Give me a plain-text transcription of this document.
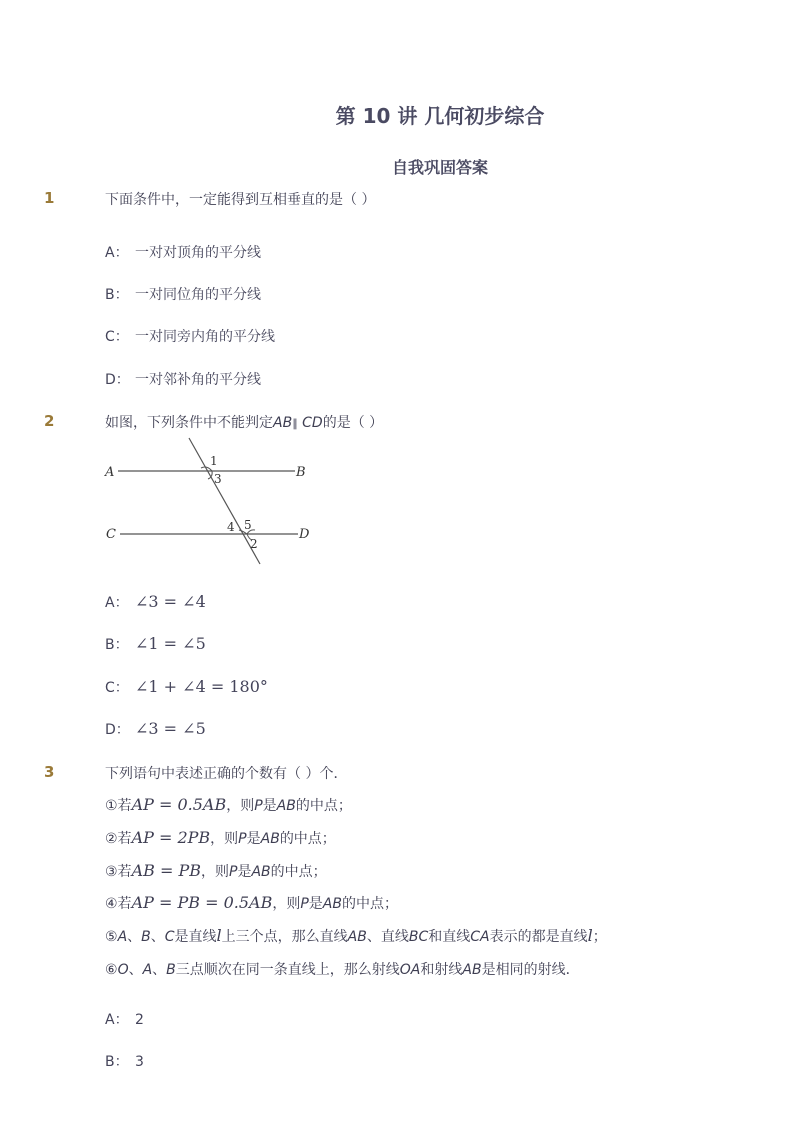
第 10 讲 几何初步综合
自我巩固答案
1	下面条件中，一定能得到互相垂直的是（ ）
A： 一对对顶角的平分线
B： 一对同位角的平分线
C： 一对同旁内角的平分线
D： 一对邻补角的平分线
2	如图，下列条件中不能判定AB∥ CD的是（ ）
A	B
C	D
1
3
4 5
2
A： ∠3 = ∠4
B： ∠1 = ∠5
C： ∠1 + ∠4 = 180°
D： ∠3 = ∠5
3	下列语句中表述正确的个数有（ ）个．
①若AP = 0.5AB，则P是AB的中点；
②若AP = 2PB，则P是AB的中点；
③若AB = PB，则P是AB的中点；
④若AP = PB = 0.5AB，则P是AB的中点；
⑤A、B、C是直线l上三个点，那么直线AB、直线BC和直线CA表示的都是直线l；
⑥O、A、B三点顺次在同一条直线上，那么射线OA和射线AB是相同的射线．
A： 2
B： 3
